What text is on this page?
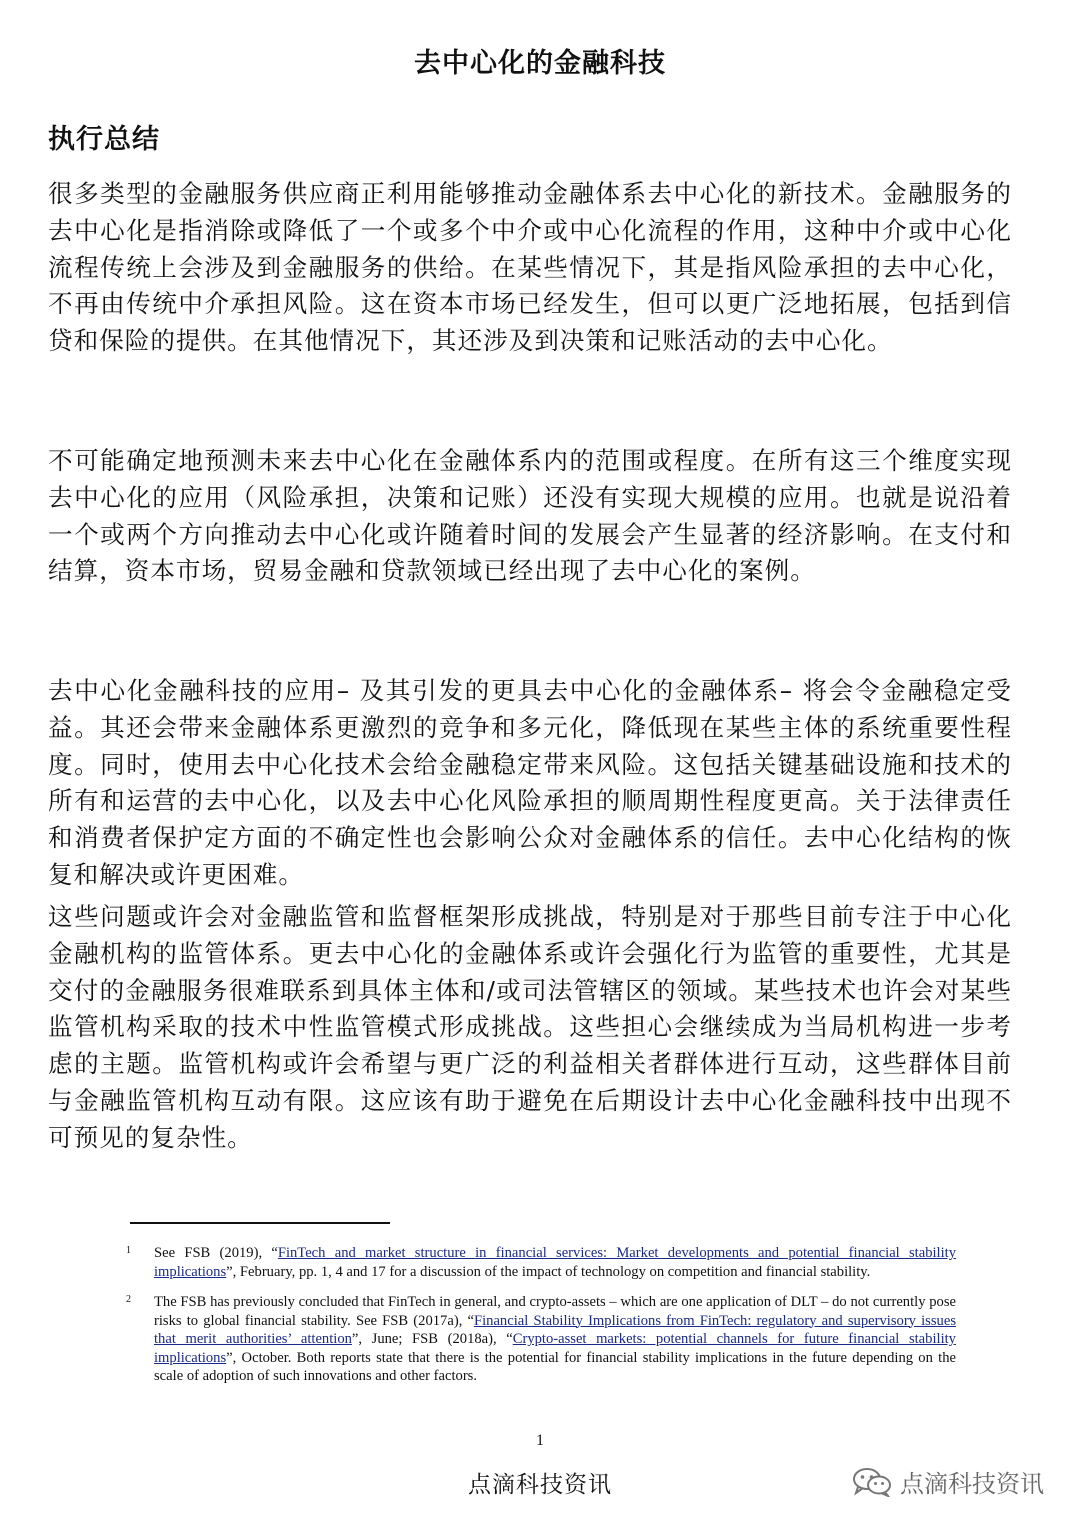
去中心化的金融科技
执行总结

很多类型的金融服务供应商正利用能够推动金融体系去中心化的新技术。金融服务的去中心化是指消除或降低了一个或多个中介或中心化流程的作用，这种中介或中心化流程传统上会涉及到金融服务的供给。在某些情况下，其是指风险承担的去中心化，不再由传统中介承担风险。这在资本市场已经发生，但可以更广泛地拓展，包括到信贷和保险的提供。在其他情况下，其还涉及到决策和记账活动的去中心化。

不可能确定地预测未来去中心化在金融体系内的范围或程度。在所有这三个维度实现去中心化的应用（风险承担，决策和记账）还没有实现大规模的应用。也就是说沿着一个或两个方向推动去中心化或许随着时间的发展会产生显著的经济影响。在支付和结算，资本市场，贸易金融和贷款领域已经出现了去中心化的案例。

去中心化金融科技的应用– 及其引发的更具去中心化的金融体系– 将会令金融稳定受益。其还会带来金融体系更激烈的竞争和多元化，降低现在某些主体的系统重要性程度。同时，使用去中心化技术会给金融稳定带来风险。这包括关键基础设施和技术的所有和运营的去中心化，以及去中心化风险承担的顺周期性程度更高。关于法律责任和消费者保护定方面的不确定性也会影响公众对金融体系的信任。去中心化结构的恢复和解决或许更困难。

这些问题或许会对金融监管和监督框架形成挑战，特别是对于那些目前专注于中心化金融机构的监管体系。更去中心化的金融体系或许会强化行为监管的重要性，尤其是交付的金融服务很难联系到具体主体和/或司法管辖区的领域。某些技术也许会对某些监管机构采取的技术中性监管模式形成挑战。这些担心会继续成为当局机构进一步考虑的主题。监管机构或许会希望与更广泛的利益相关者群体进行互动，这些群体目前与金融监管机构互动有限。这应该有助于避免在后期设计去中心化金融科技中出现不可预见的复杂性。

1 See FSB (2019), “FinTech and market structure in financial services: Market developments and potential financial stability implications”, February, pp. 1, 4 and 17 for a discussion of the impact of technology on competition and financial stability.
2 The FSB has previously concluded that FinTech in general, and crypto-assets – which are one application of DLT – do not currently pose risks to global financial stability. See FSB (2017a), “Financial Stability Implications from FinTech: regulatory and supervisory issues that merit authorities’ attention”, June; FSB (2018a), “Crypto-asset markets: potential channels for future financial stability implications”, October. Both reports state that there is the potential for financial stability implications in the future depending on the scale of adoption of such innovations and other factors.
1
点滴科技资讯	点滴科技资讯
